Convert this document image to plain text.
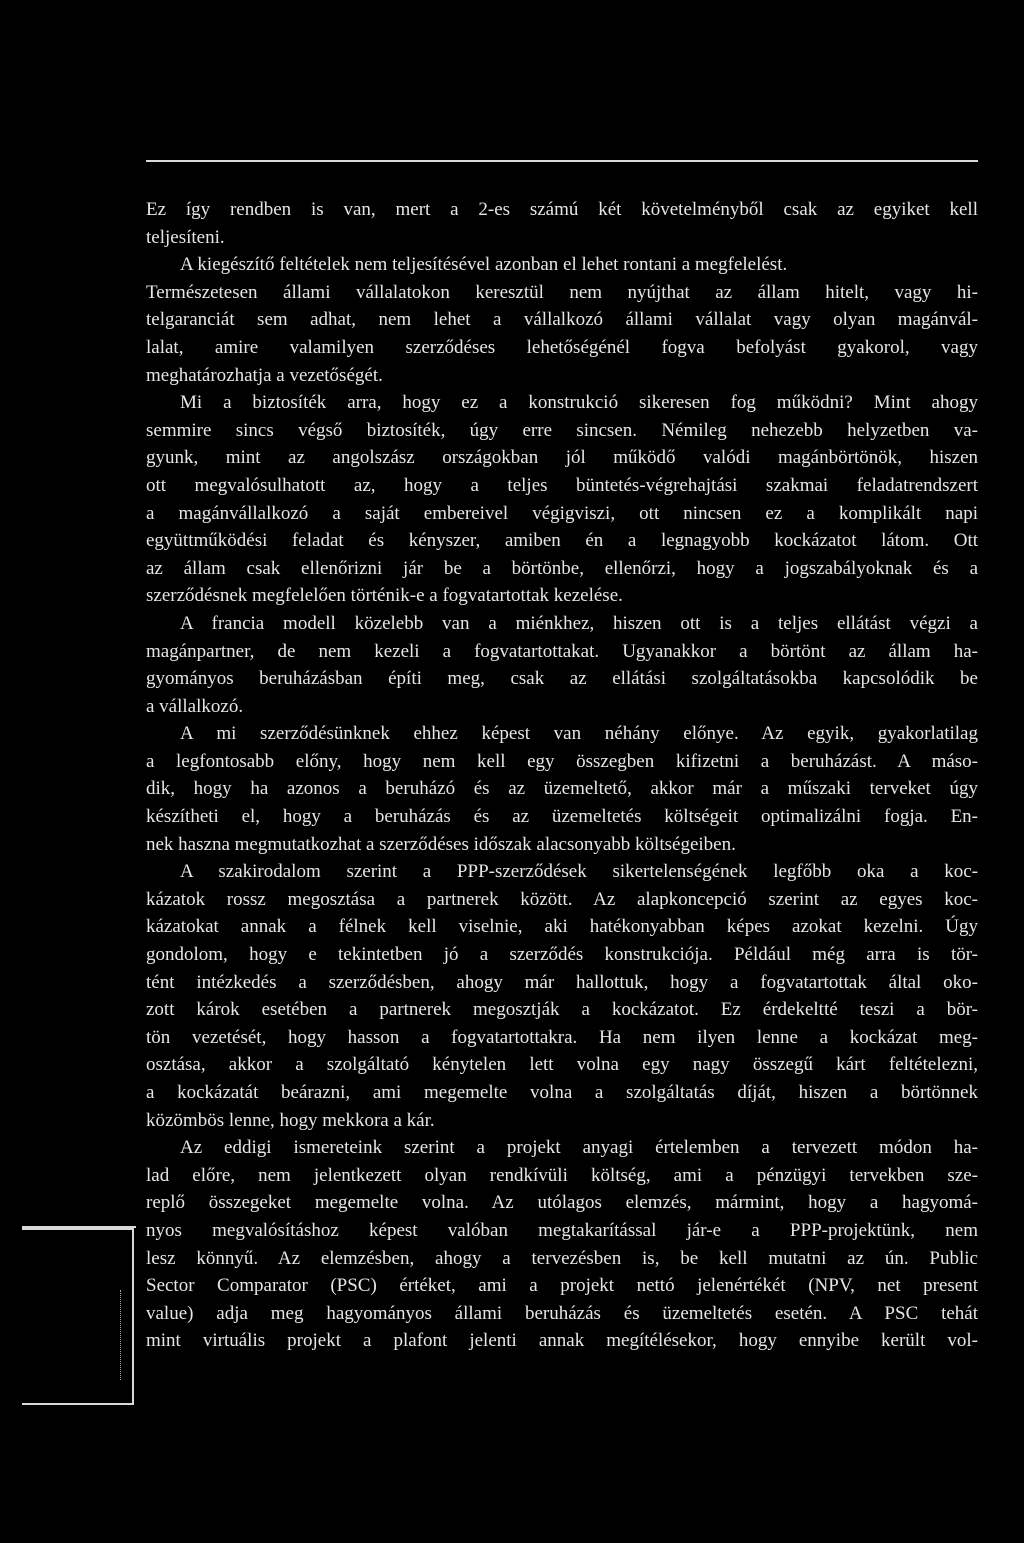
Ez így rendben is van, mert a 2-es számú két követelményből csak az egyiket kell
teljesíteni.
A kiegészítő feltételek nem teljesítésével azonban el lehet rontani a megfelelést.
Természetesen állami vállalatokon keresztül nem nyújthat az állam hitelt, vagy hi-
telgaranciát sem adhat, nem lehet a vállalkozó állami vállalat vagy olyan magánvál-
lalat, amire valamilyen szerződéses lehetőségénél fogva befolyást gyakorol, vagy
meghatározhatja a vezetőségét.
Mi a biztosíték arra, hogy ez a konstrukció sikeresen fog működni? Mint ahogy
semmire sincs végső biztosíték, úgy erre sincsen. Némileg nehezebb helyzetben va-
gyunk, mint az angolszász országokban jól működő valódi magánbörtönök, hiszen
ott megvalósulhatott az, hogy a teljes büntetés-végrehajtási szakmai feladatrendszert
a magánvállalkozó a saját embereivel végigviszi, ott nincsen ez a komplikált napi
együttműködési feladat és kényszer, amiben én a legnagyobb kockázatot látom. Ott
az állam csak ellenőrizni jár be a börtönbe, ellenőrzi, hogy a jogszabályoknak és a
szerződésnek megfelelően történik-e a fogvatartottak kezelése.
A francia modell közelebb van a miénkhez, hiszen ott is a teljes ellátást végzi a
magánpartner, de nem kezeli a fogvatartottakat. Ugyanakkor a börtönt az állam ha-
gyományos beruházásban építi meg, csak az ellátási szolgáltatásokba kapcsolódik be
a vállalkozó.
A mi szerződésünknek ehhez képest van néhány előnye. Az egyik, gyakorlatilag
a legfontosabb előny, hogy nem kell egy összegben kifizetni a beruházást. A máso-
dik, hogy ha azonos a beruházó és az üzemeltető, akkor már a műszaki terveket úgy
készítheti el, hogy a beruházás és az üzemeltetés költségeit optimalizálni fogja. En-
nek haszna megmutatkozhat a szerződéses időszak alacsonyabb költségeiben.
A szakirodalom szerint a PPP-szerződések sikertelenségének legfőbb oka a koc-
kázatok rossz megosztása a partnerek között. Az alapkoncepció szerint az egyes koc-
kázatokat annak a félnek kell viselnie, aki hatékonyabban képes azokat kezelni. Úgy
gondolom, hogy e tekintetben jó a szerződés konstrukciója. Például még arra is tör-
tént intézkedés a szerződésben, ahogy már hallottuk, hogy a fogvatartottak által oko-
zott károk esetében a partnerek megosztják a kockázatot. Ez érdekeltté teszi a bör-
tön vezetését, hogy hasson a fogvatartottakra. Ha nem ilyen lenne a kockázat meg-
osztása, akkor a szolgáltató kénytelen lett volna egy nagy összegű kárt feltételezni,
a kockázatát beárazni, ami megemelte volna a szolgáltatás díját, hiszen a börtönnek
közömbös lenne, hogy mekkora a kár.
Az eddigi ismereteink szerint a projekt anyagi értelemben a tervezett módon ha-
lad előre, nem jelentkezett olyan rendkívüli költség, ami a pénzügyi tervekben sze-
replő összegeket megemelte volna. Az utólagos elemzés, mármint, hogy a hagyomá-
nyos megvalósításhoz képest valóban megtakarítással jár-e a PPP-projektünk, nem
lesz könnyű. Az elemzésben, ahogy a tervezésben is, be kell mutatni az ún. Public
Sector Comparator (PSC) értéket, ami a projekt nettó jelenértékét (NPV, net present
value) adja meg hagyományos állami beruházás és üzemeltetés esetén. A PSC tehát
mint virtuális projekt a plafont jelenti annak megítélésekor, hogy ennyibe került vol-
